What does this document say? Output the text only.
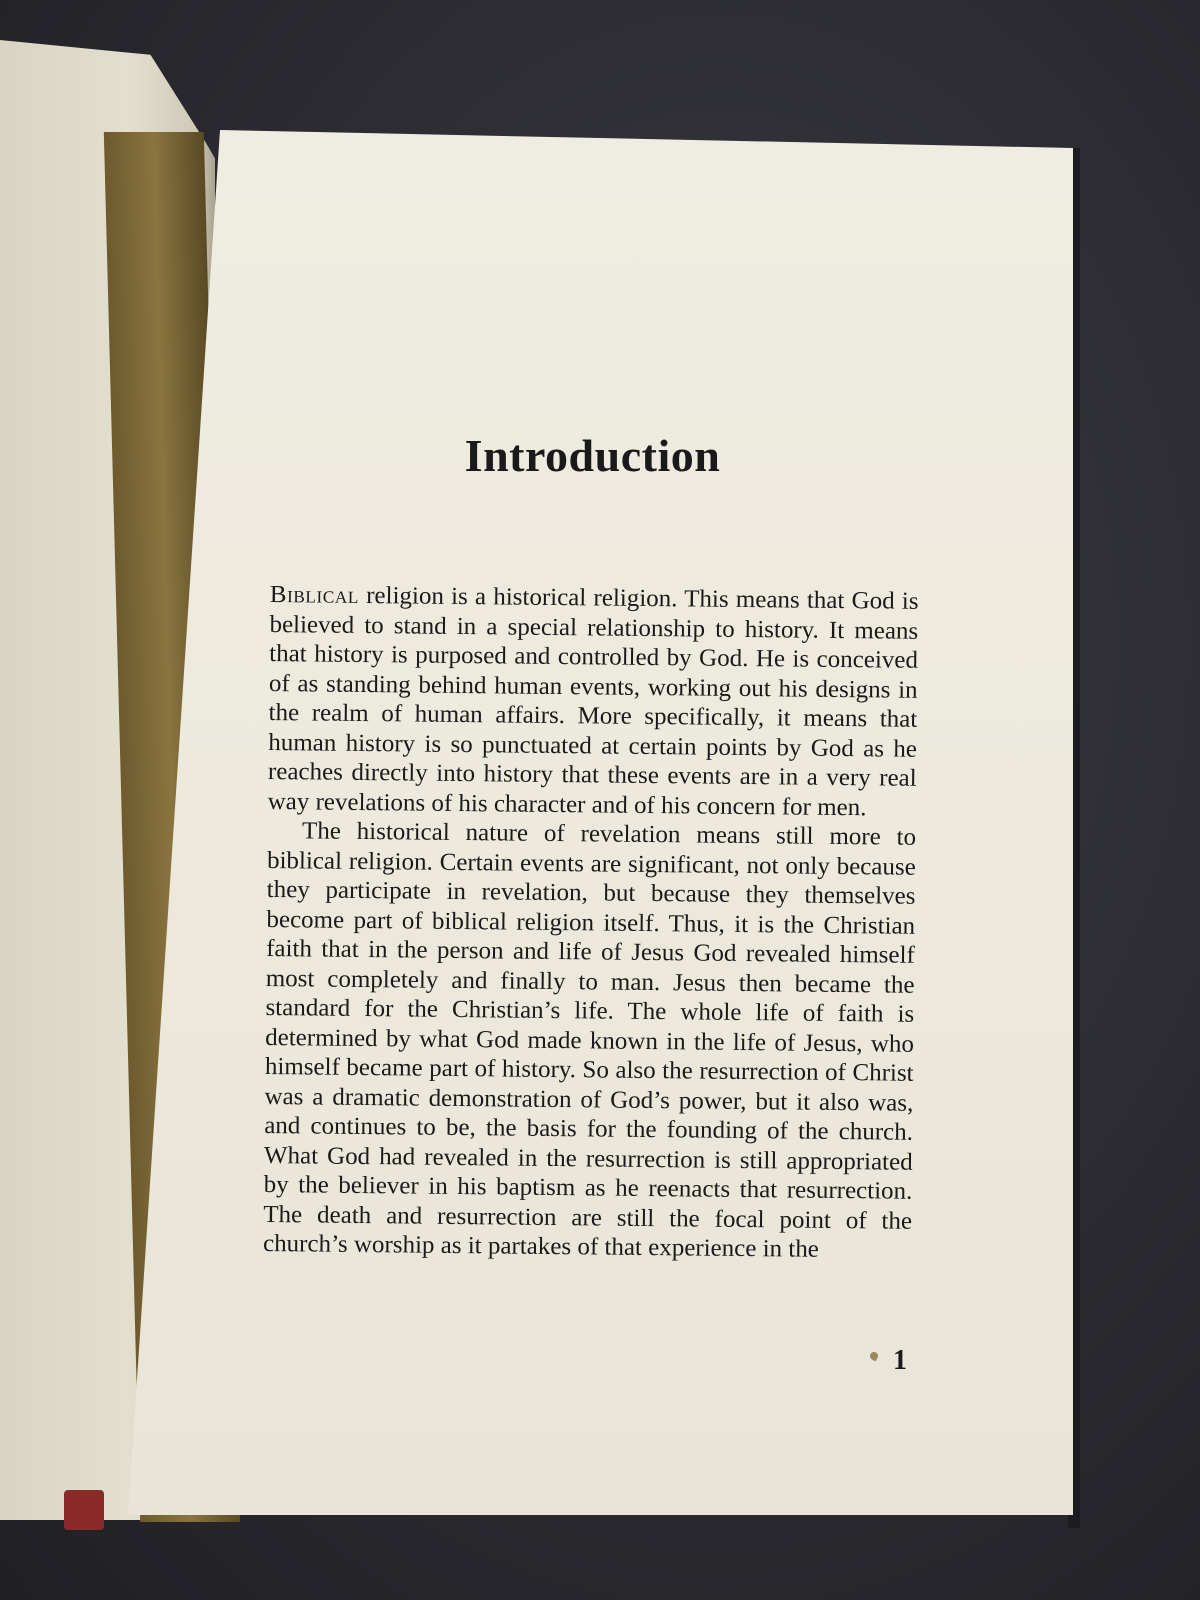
Introduction

Biblical religion is a historical religion. This means that God is believed to stand in a special relationship to history. It means that history is purposed and controlled by God. He is conceived of as standing behind human events, working out his designs in the realm of human affairs. More specifically, it means that human history is so punctuated at certain points by God as he reaches directly into history that these events are in a very real way revelations of his character and of his concern for men.

The historical nature of revelation means still more to biblical religion. Certain events are significant, not only because they participate in revelation, but because they themselves become part of biblical religion itself. Thus, it is the Christian faith that in the person and life of Jesus God revealed himself most completely and finally to man. Jesus then became the standard for the Christian’s life. The whole life of faith is determined by what God made known in the life of Jesus, who himself became part of history. So also the resurrection of Christ was a dramatic demonstration of God’s power, but it also was, and continues to be, the basis for the founding of the church. What God had revealed in the resurrection is still appropriated by the believer in his baptism as he reenacts that resurrection. The death and resurrection are still the focal point of the church’s worship as it partakes of that experience in the

1
